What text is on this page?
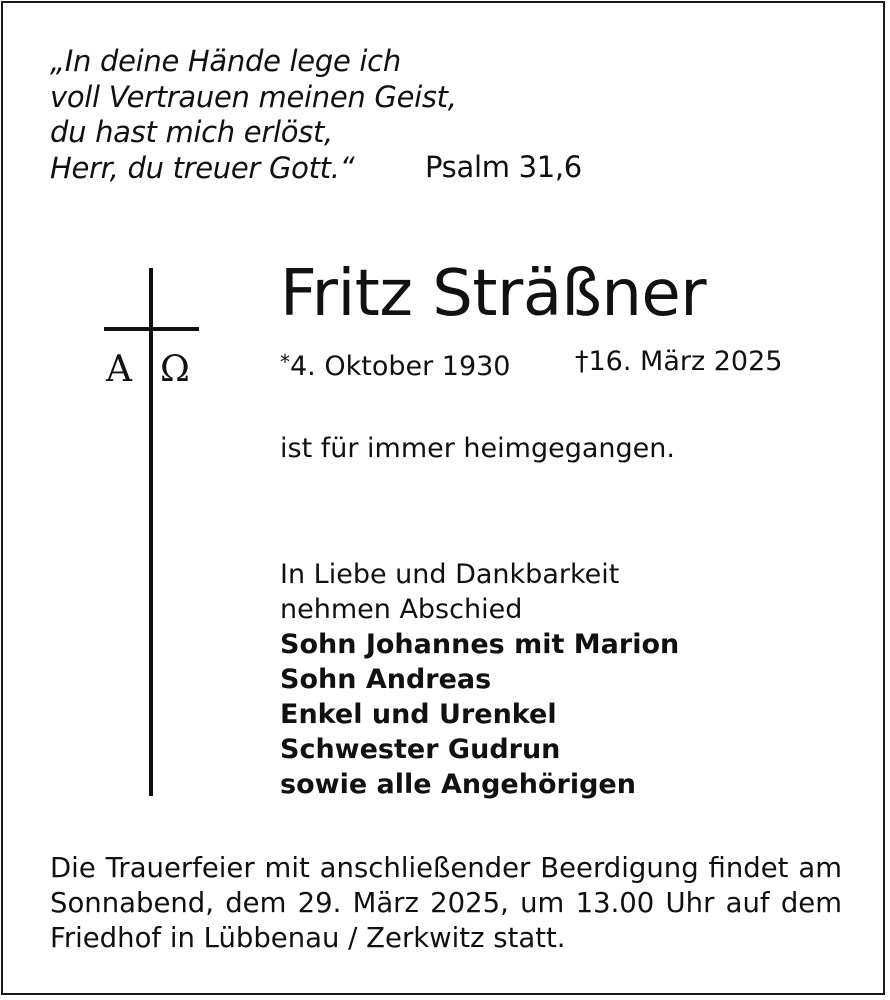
„In deine Hände lege ich
voll Vertrauen meinen Geist,
du hast mich erlöst,
Herr, du treuer Gott.“	Psalm 31,6
A Ω
Fritz Sträßner
*4. Oktober 1930 †16. März 2025
ist für immer heimgegangen.
In Liebe und Dankbarkeit
nehmen Abschied
Sohn Johannes mit Marion
Sohn Andreas
Enkel und Urenkel
Schwester Gudrun
sowie alle Angehörigen
Die Trauerfeier mit anschließender Beerdigung findet am
Sonnabend, dem 29. März 2025, um 13.00 Uhr auf dem
Friedhof in Lübbenau / Zerkwitz statt.
